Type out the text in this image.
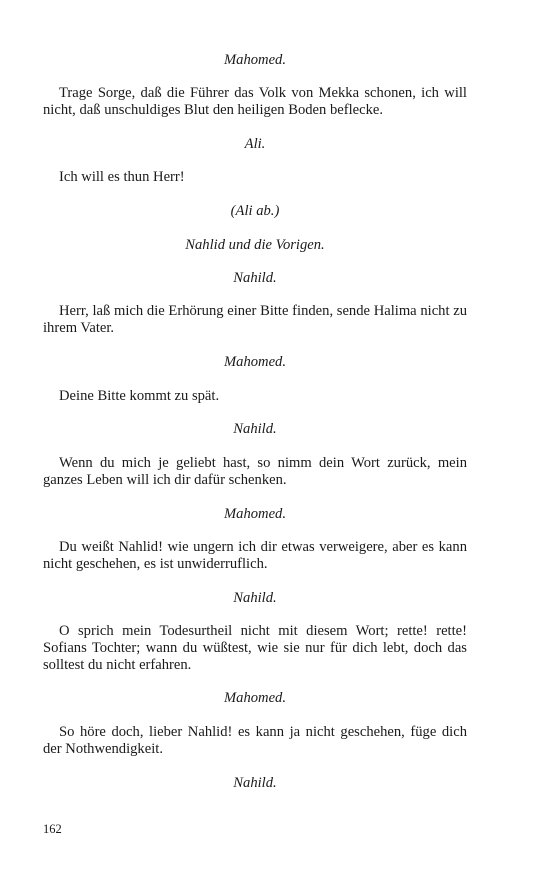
Mahomed.

Trage Sorge, daß die Führer das Volk von Mekka schonen, ich will nicht, daß unschuldiges Blut den heiligen Boden beflecke.

Ali.

Ich will es thun Herr!

(Ali ab.)

Nahlid und die Vorigen.

Nahild.

Herr, laß mich die Erhörung einer Bitte finden, sende Halima nicht zu ihrem Vater.

Mahomed.

Deine Bitte kommt zu spät.

Nahild.

Wenn du mich je geliebt hast, so nimm dein Wort zurück, mein ganzes Leben will ich dir dafür schenken.

Mahomed.

Du weißt Nahlid! wie ungern ich dir etwas verweigere, aber es kann nicht geschehen, es ist unwiderruflich.

Nahild.

O sprich mein Todesurtheil nicht mit diesem Wort; rette! rette! Sofians Tochter; wann du wüßtest, wie sie nur für dich lebt, doch das solltest du nicht erfahren.

Mahomed.

So höre doch, lieber Nahlid! es kann ja nicht geschehen, füge dich der Nothwendigkeit.

Nahild.

162
